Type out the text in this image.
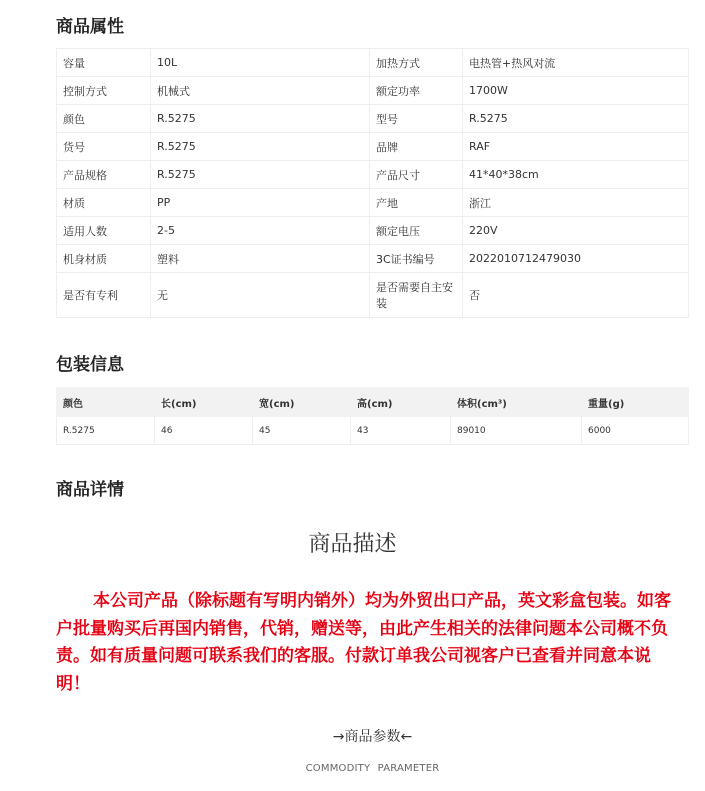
商品属性
容量	10L	加热方式	电热管+热风对流
控制方式	机械式	额定功率	1700W
颜色	R.5275	型号	R.5275
货号	R.5275	品牌	RAF
产品规格	R.5275	产品尺寸	41*40*38cm
材质	PP	产地	浙江
适用人数	2-5	额定电压	220V
机身材质	塑料	3C证书编号	2022010712479030
是否有专利	无	是否需要自主安装	否
包装信息
颜色	长(cm)	宽(cm)	高(cm)	体积(cm³)	重量(g)
R.5275	46	45	43	89010	6000
商品详情
商品描述

本公司产品（除标题有写明内销外）均为外贸出口产品，英文彩盒包装。如客户批量购买后再国内销售，代销，赠送等，由此产生相关的法律问题本公司概不负责。如有质量问题可联系我们的客服。付款订单我公司视客户已查看并同意本说明！

→商品参数←
COMMODITY PARAMETER
